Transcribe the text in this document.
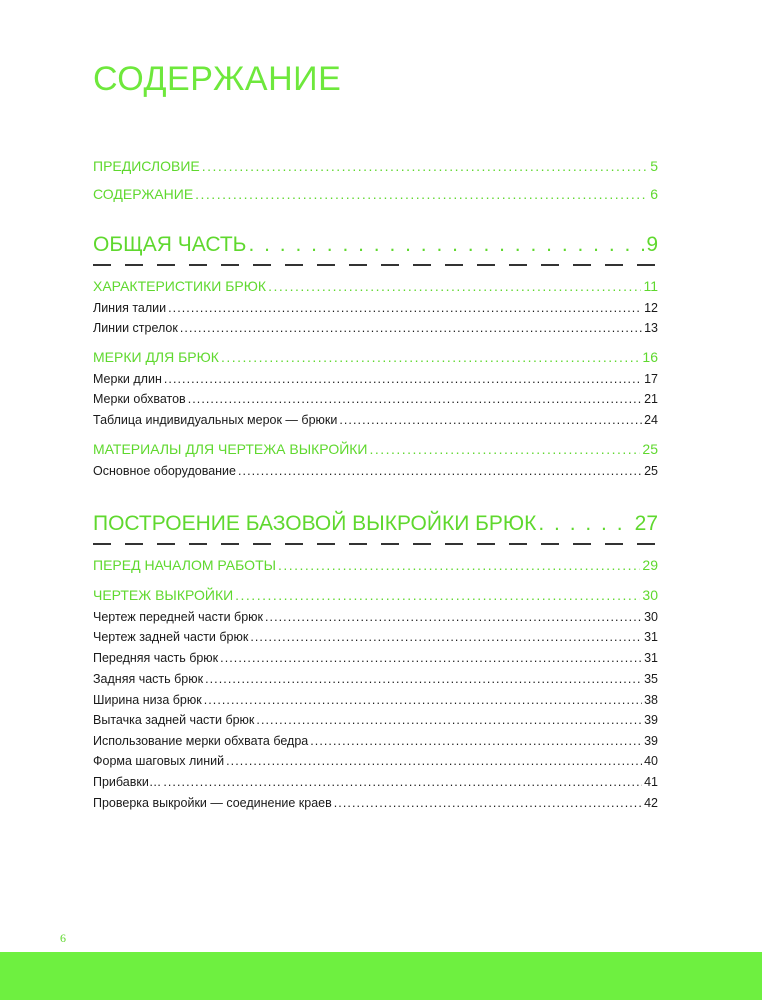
СОДЕРЖАНИЕ
ПРЕДИСЛОВИЕ . . .	5
СОДЕРЖАНИЕ . . .	6
ОБЩАЯ ЧАСТЬ . . .	9
ХАРАКТЕРИСТИКИ БРЮК . . .	11
Линия талии . . .	12
Линии стрелок . . .	13
МЕРКИ ДЛЯ БРЮК . . .	16
Мерки длин . . .	17
Мерки обхватов . . .	21
Таблица индивидуальных мерок — брюки . . .	24
МАТЕРИАЛЫ ДЛЯ ЧЕРТЕЖА ВЫКРОЙКИ . . .	25
Основное оборудование . . .	25
ПОСТРОЕНИЕ БАЗОВОЙ ВЫКРОЙКИ БРЮК . . .	27
ПЕРЕД НАЧАЛОМ РАБОТЫ . . .	29
ЧЕРТЕЖ ВЫКРОЙКИ . . .	30
Чертеж передней части брюк . . .	30
Чертеж задней части брюк . . .	31
Передняя часть брюк . . .	31
Задняя часть брюк . . .	35
Ширина низа брюк . . .	38
Вытачка задней части брюк . . .	39
Использование мерки обхвата бедра . . .	39
Форма шаговых линий . . .	40
Прибавки… . . .	41
Проверка выкройки — соединение краев . . .	42
6
